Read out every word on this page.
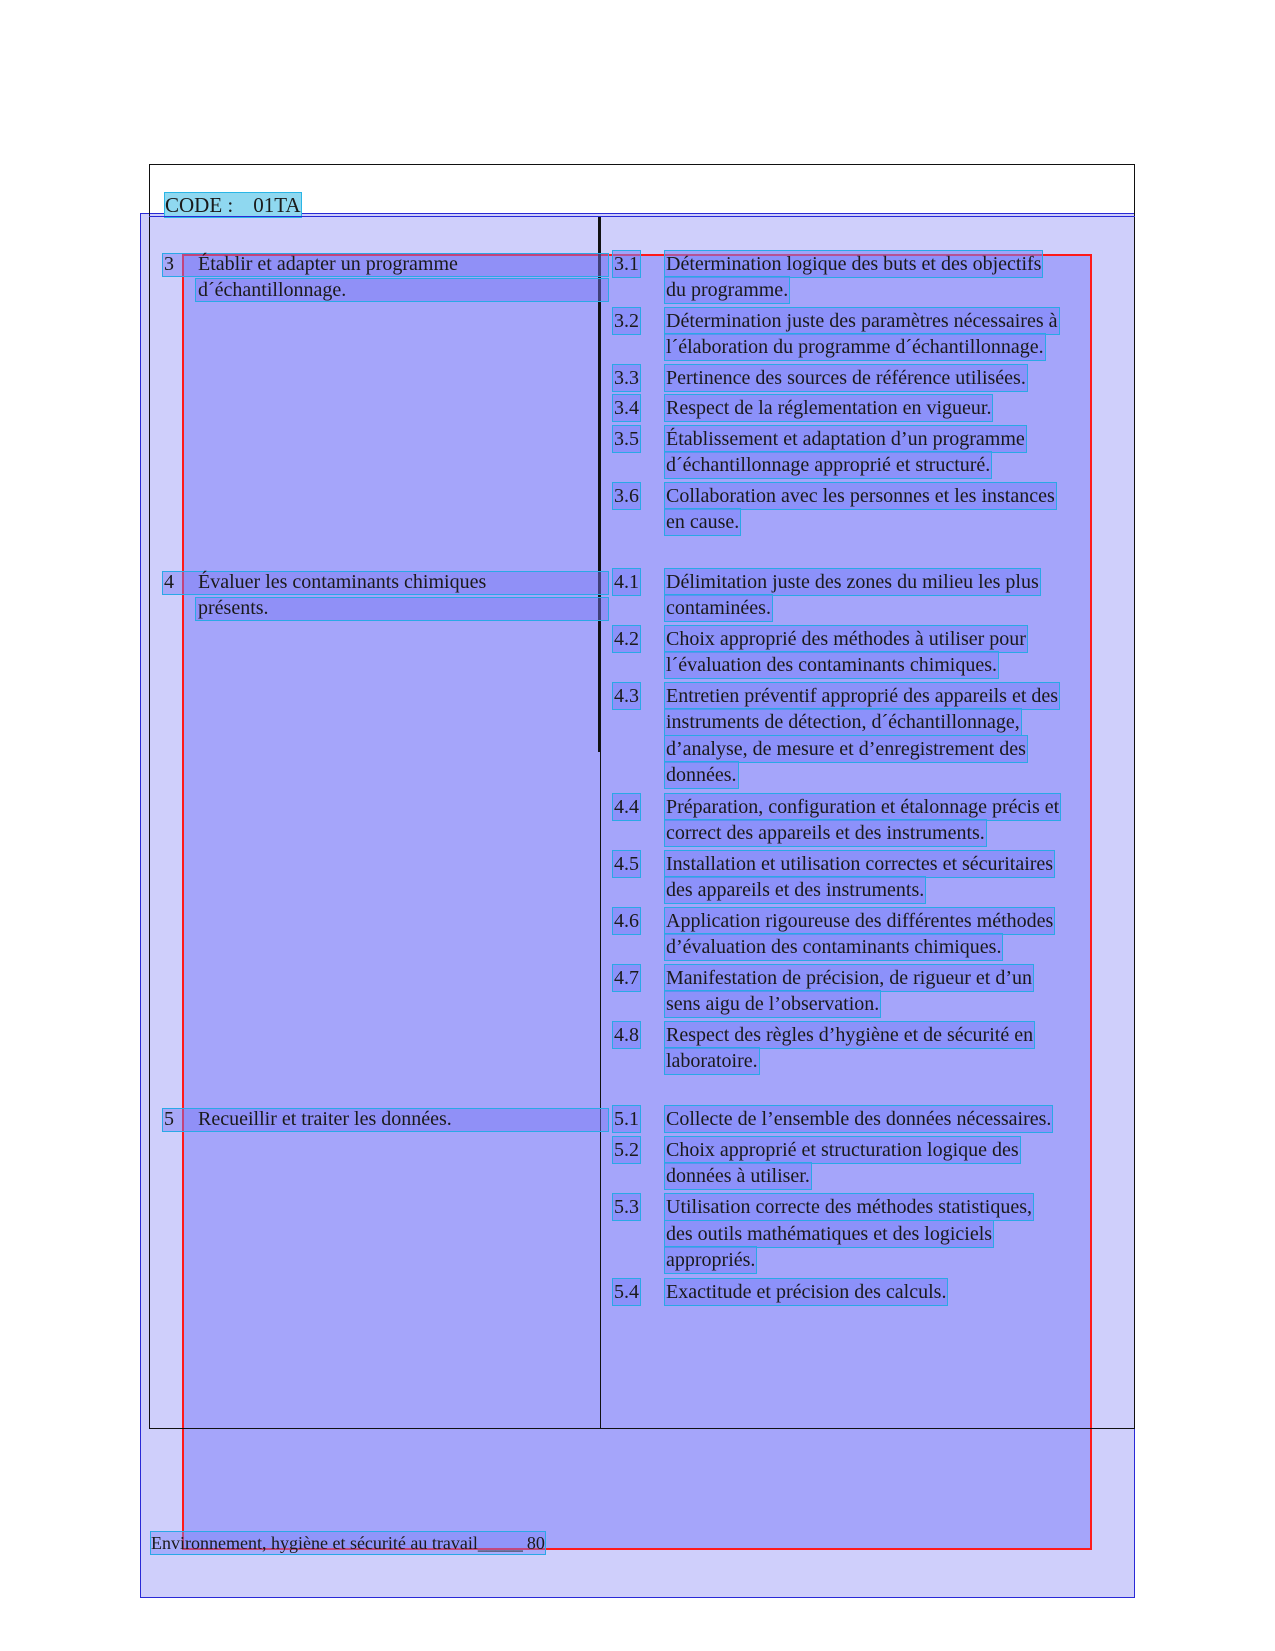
CODE : 01TA
3 Établir et adapter un programme
d´échantillonnage.
4 Évaluer les contaminants chimiques
présents.
5 Recueillir et traiter les données.
3.1 Détermination logique des buts et des objectifs
du programme.
3.2 Détermination juste des paramètres nécessaires à
l´élaboration du programme d´échantillonnage.
3.3 Pertinence des sources de référence utilisées.
3.4 Respect de la réglementation en vigueur.
3.5 Établissement et adaptation d’un programme
d´échantillonnage approprié et structuré.
3.6 Collaboration avec les personnes et les instances
en cause.
4.1 Délimitation juste des zones du milieu les plus
contaminées.
4.2 Choix approprié des méthodes à utiliser pour
l´évaluation des contaminants chimiques.
4.3 Entretien préventif approprié des appareils et des
instruments de détection, d´échantillonnage,
d’analyse, de mesure et d’enregistrement des
données.
4.4 Préparation, configuration et étalonnage précis et
correct des appareils et des instruments.
4.5 Installation et utilisation correctes et sécuritaires
des appareils et des instruments.
4.6 Application rigoureuse des différentes méthodes
d’évaluation des contaminants chimiques.
4.7 Manifestation de précision, de rigueur et d’un
sens aigu de l’observation.
4.8 Respect des règles d’hygiène et de sécurité en
laboratoire.
5.1 Collecte de l’ensemble des données nécessaires.
5.2 Choix approprié et structuration logique des
données à utiliser.
5.3 Utilisation correcte des méthodes statistiques,
des outils mathématiques et des logiciels
appropriés.
5.4 Exactitude et précision des calculs.
Environnement, hygiène et sécurité au travail_____ 80
